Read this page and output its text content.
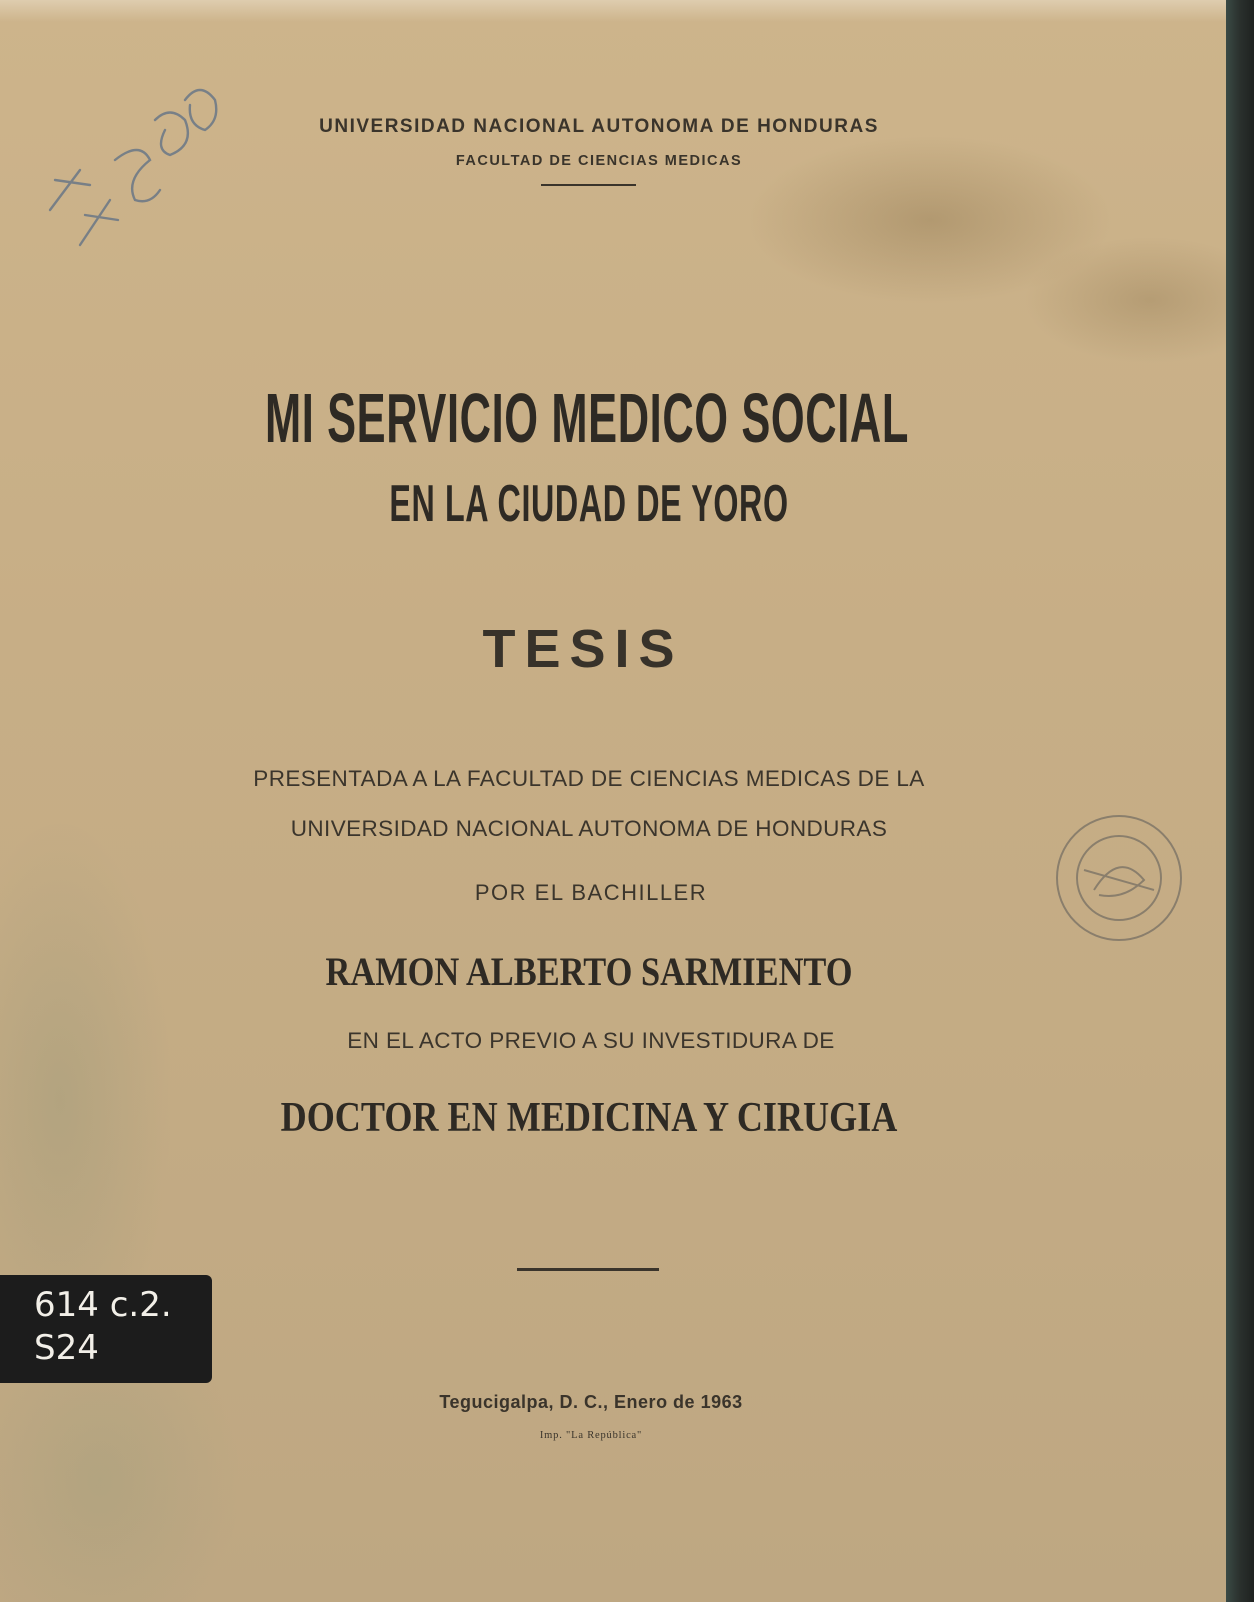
UNIVERSIDAD NACIONAL AUTONOMA DE HONDURAS
FACULTAD DE CIENCIAS MEDICAS
MI SERVICIO MEDICO SOCIAL
EN LA CIUDAD DE YORO
TESIS
PRESENTADA A LA FACULTAD DE CIENCIAS MEDICAS DE LA
UNIVERSIDAD NACIONAL AUTONOMA DE HONDURAS
POR EL BACHILLER
RAMON ALBERTO SARMIENTO
EN EL ACTO PREVIO A SU INVESTIDURA DE
DOCTOR EN MEDICINA Y CIRUGIA
Tegucigalpa, D. C., Enero de 1963
Imp. "La República"
614 c.2.
S24
